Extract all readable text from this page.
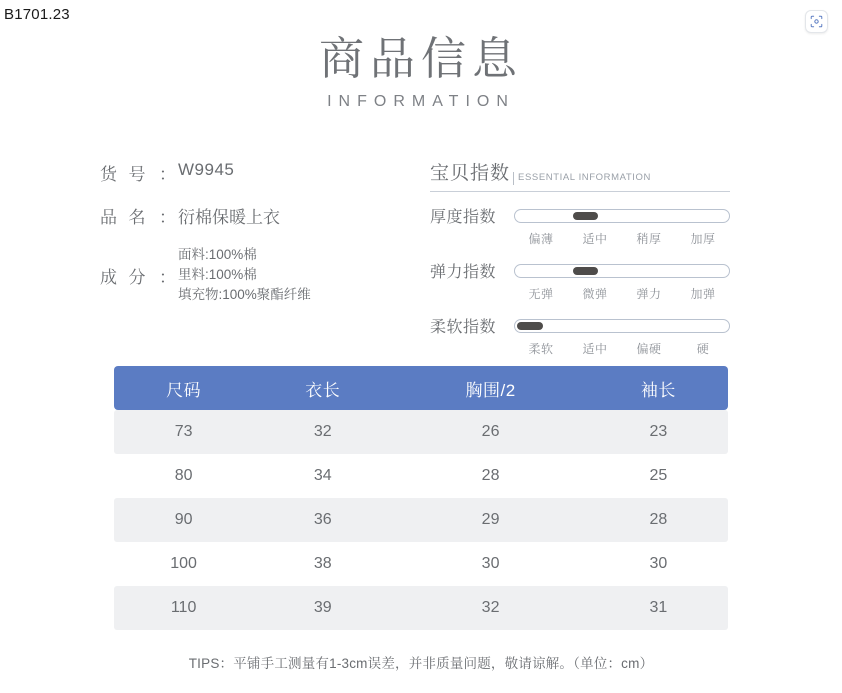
B1701.23
商品信息
INFORMATION
货 号 ： W9945
品 名 ： 衍棉保暖上衣
成 分 ：
面料:100%棉
里料:100%棉
填充物:100%聚酯纤维
宝贝指数 ESSENTIAL INFORMATION
厚度指数
偏薄	适中	稍厚	加厚
弹力指数
无弹	微弹	弹力	加弹
柔软指数
柔软	适中	偏硬	硬
尺码	衣长	胸围/2	袖长
73	32	26	23
80	34	28	25
90	36	29	28
100	38	30	30
110	39	32	31
TIPS：平铺手工测量有1-3cm误差，并非质量问题，敬请谅解。（单位：cm）
